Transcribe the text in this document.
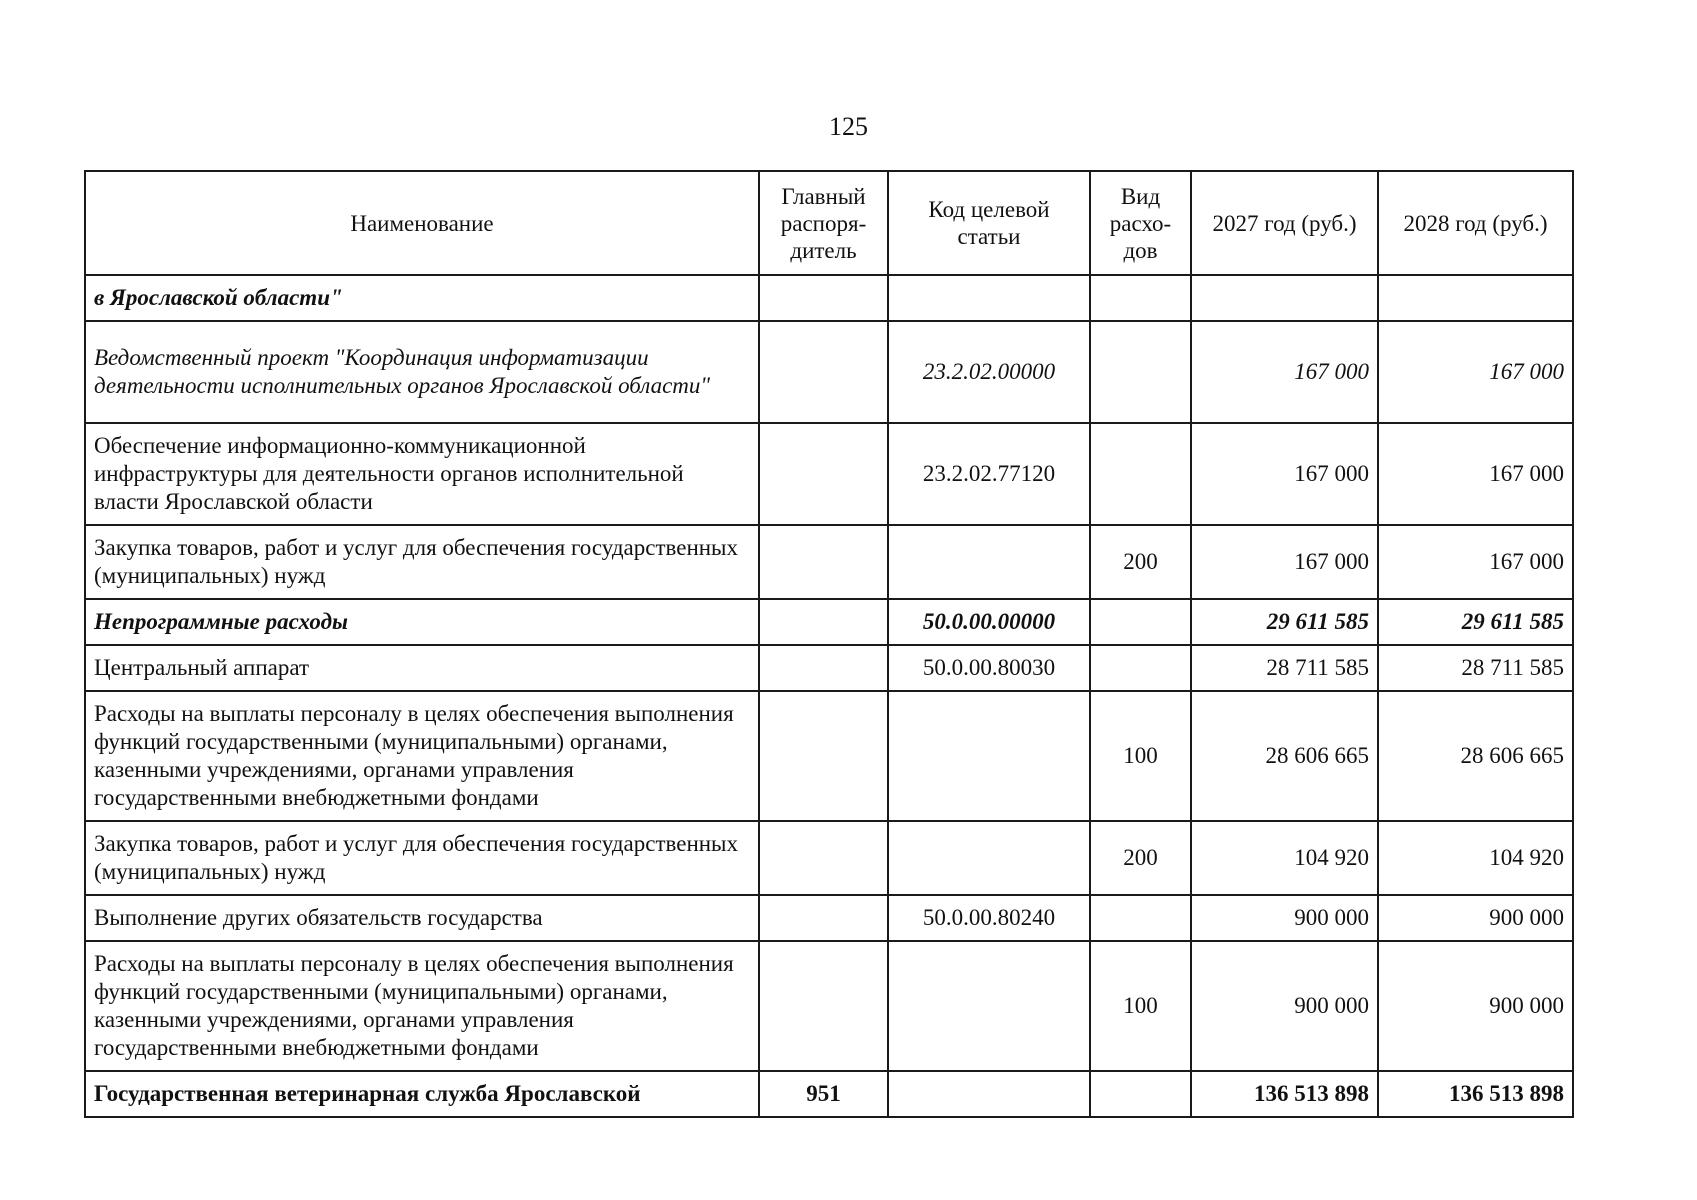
125
Наименование	Главный распоря-дитель	Код целевой статьи	Вид расхо-дов	2027 год (руб.)	2028 год (руб.)
в Ярославской области"					
Ведомственный проект "Координация информатизации деятельности исполнительных органов Ярославской области"		23.2.02.00000		167 000	167 000
Обеспечение информационно-коммуникационной инфраструктуры для деятельности органов исполнительной власти Ярославской области		23.2.02.77120		167 000	167 000
Закупка товаров, работ и услуг для обеспечения государственных (муниципальных) нужд			200	167 000	167 000
Непрограммные расходы		50.0.00.00000		29 611 585	29 611 585
Центральный аппарат		50.0.00.80030		28 711 585	28 711 585
Расходы на выплаты персоналу в целях обеспечения выполнения функций государственными (муниципальными) органами, казенными учреждениями, органами управления государственными внебюджетными фондами			100	28 606 665	28 606 665
Закупка товаров, работ и услуг для обеспечения государственных (муниципальных) нужд			200	104 920	104 920
Выполнение других обязательств государства		50.0.00.80240		900 000	900 000
Расходы на выплаты персоналу в целях обеспечения выполнения функций государственными (муниципальными) органами, казенными учреждениями, органами управления государственными внебюджетными фондами			100	900 000	900 000
Государственная ветеринарная служба Ярославской	951			136 513 898	136 513 898
